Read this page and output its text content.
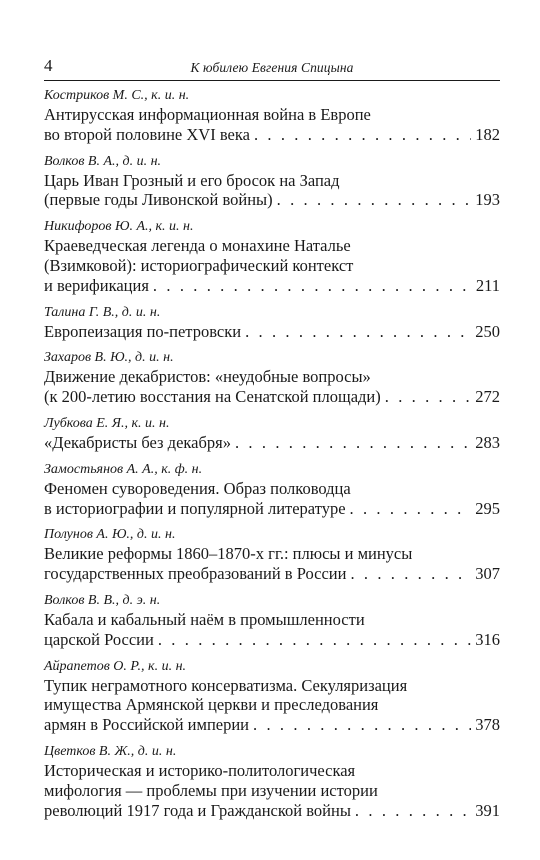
4	К юбилею Евгения Спицына
Костриков М. С., к. и. н.
Антирусская информационная война в Европе
во второй половине XVI века . . .	182
Волков В. А., д. и. н.
Царь Иван Грозный и его бросок на Запад
(первые годы Ливонской войны) . . .	193
Никифоров Ю. А., к. и. н.
Краеведческая легенда о монахине Наталье
(Взимковой): историографический контекст
и верификация . . .	211
Талина Г. В., д. и. н.
Европеизация по-петровски . . .	250
Захаров В. Ю., д. и. н.
Движение декабристов: «неудобные вопросы»
(к 200-летию восстания на Сенатской площади) . . .	272
Лубкова Е. Я., к. и. н.
«Декабристы без декабря» . . .	283
Замостьянов А. А., к. ф. н.
Феномен сувороведения. Образ полководца
в историографии и популярной литературе . . .	295
Полунов А. Ю., д. и. н.
Великие реформы 1860–1870-х гг.: плюсы и минусы
государственных преобразований в России . . .	307
Волков В. В., д. э. н.
Кабала и кабальный наём в промышленности
царской России . . .	316
Айрапетов О. Р., к. и. н.
Тупик неграмотного консерватизма. Секуляризация
имущества Армянской церкви и преследования
армян в Российской империи . . .	378
Цветков В. Ж., д. и. н.
Историческая и историко-политологическая
мифология — проблемы при изучении истории
революций 1917 года и Гражданской войны . . .	391
